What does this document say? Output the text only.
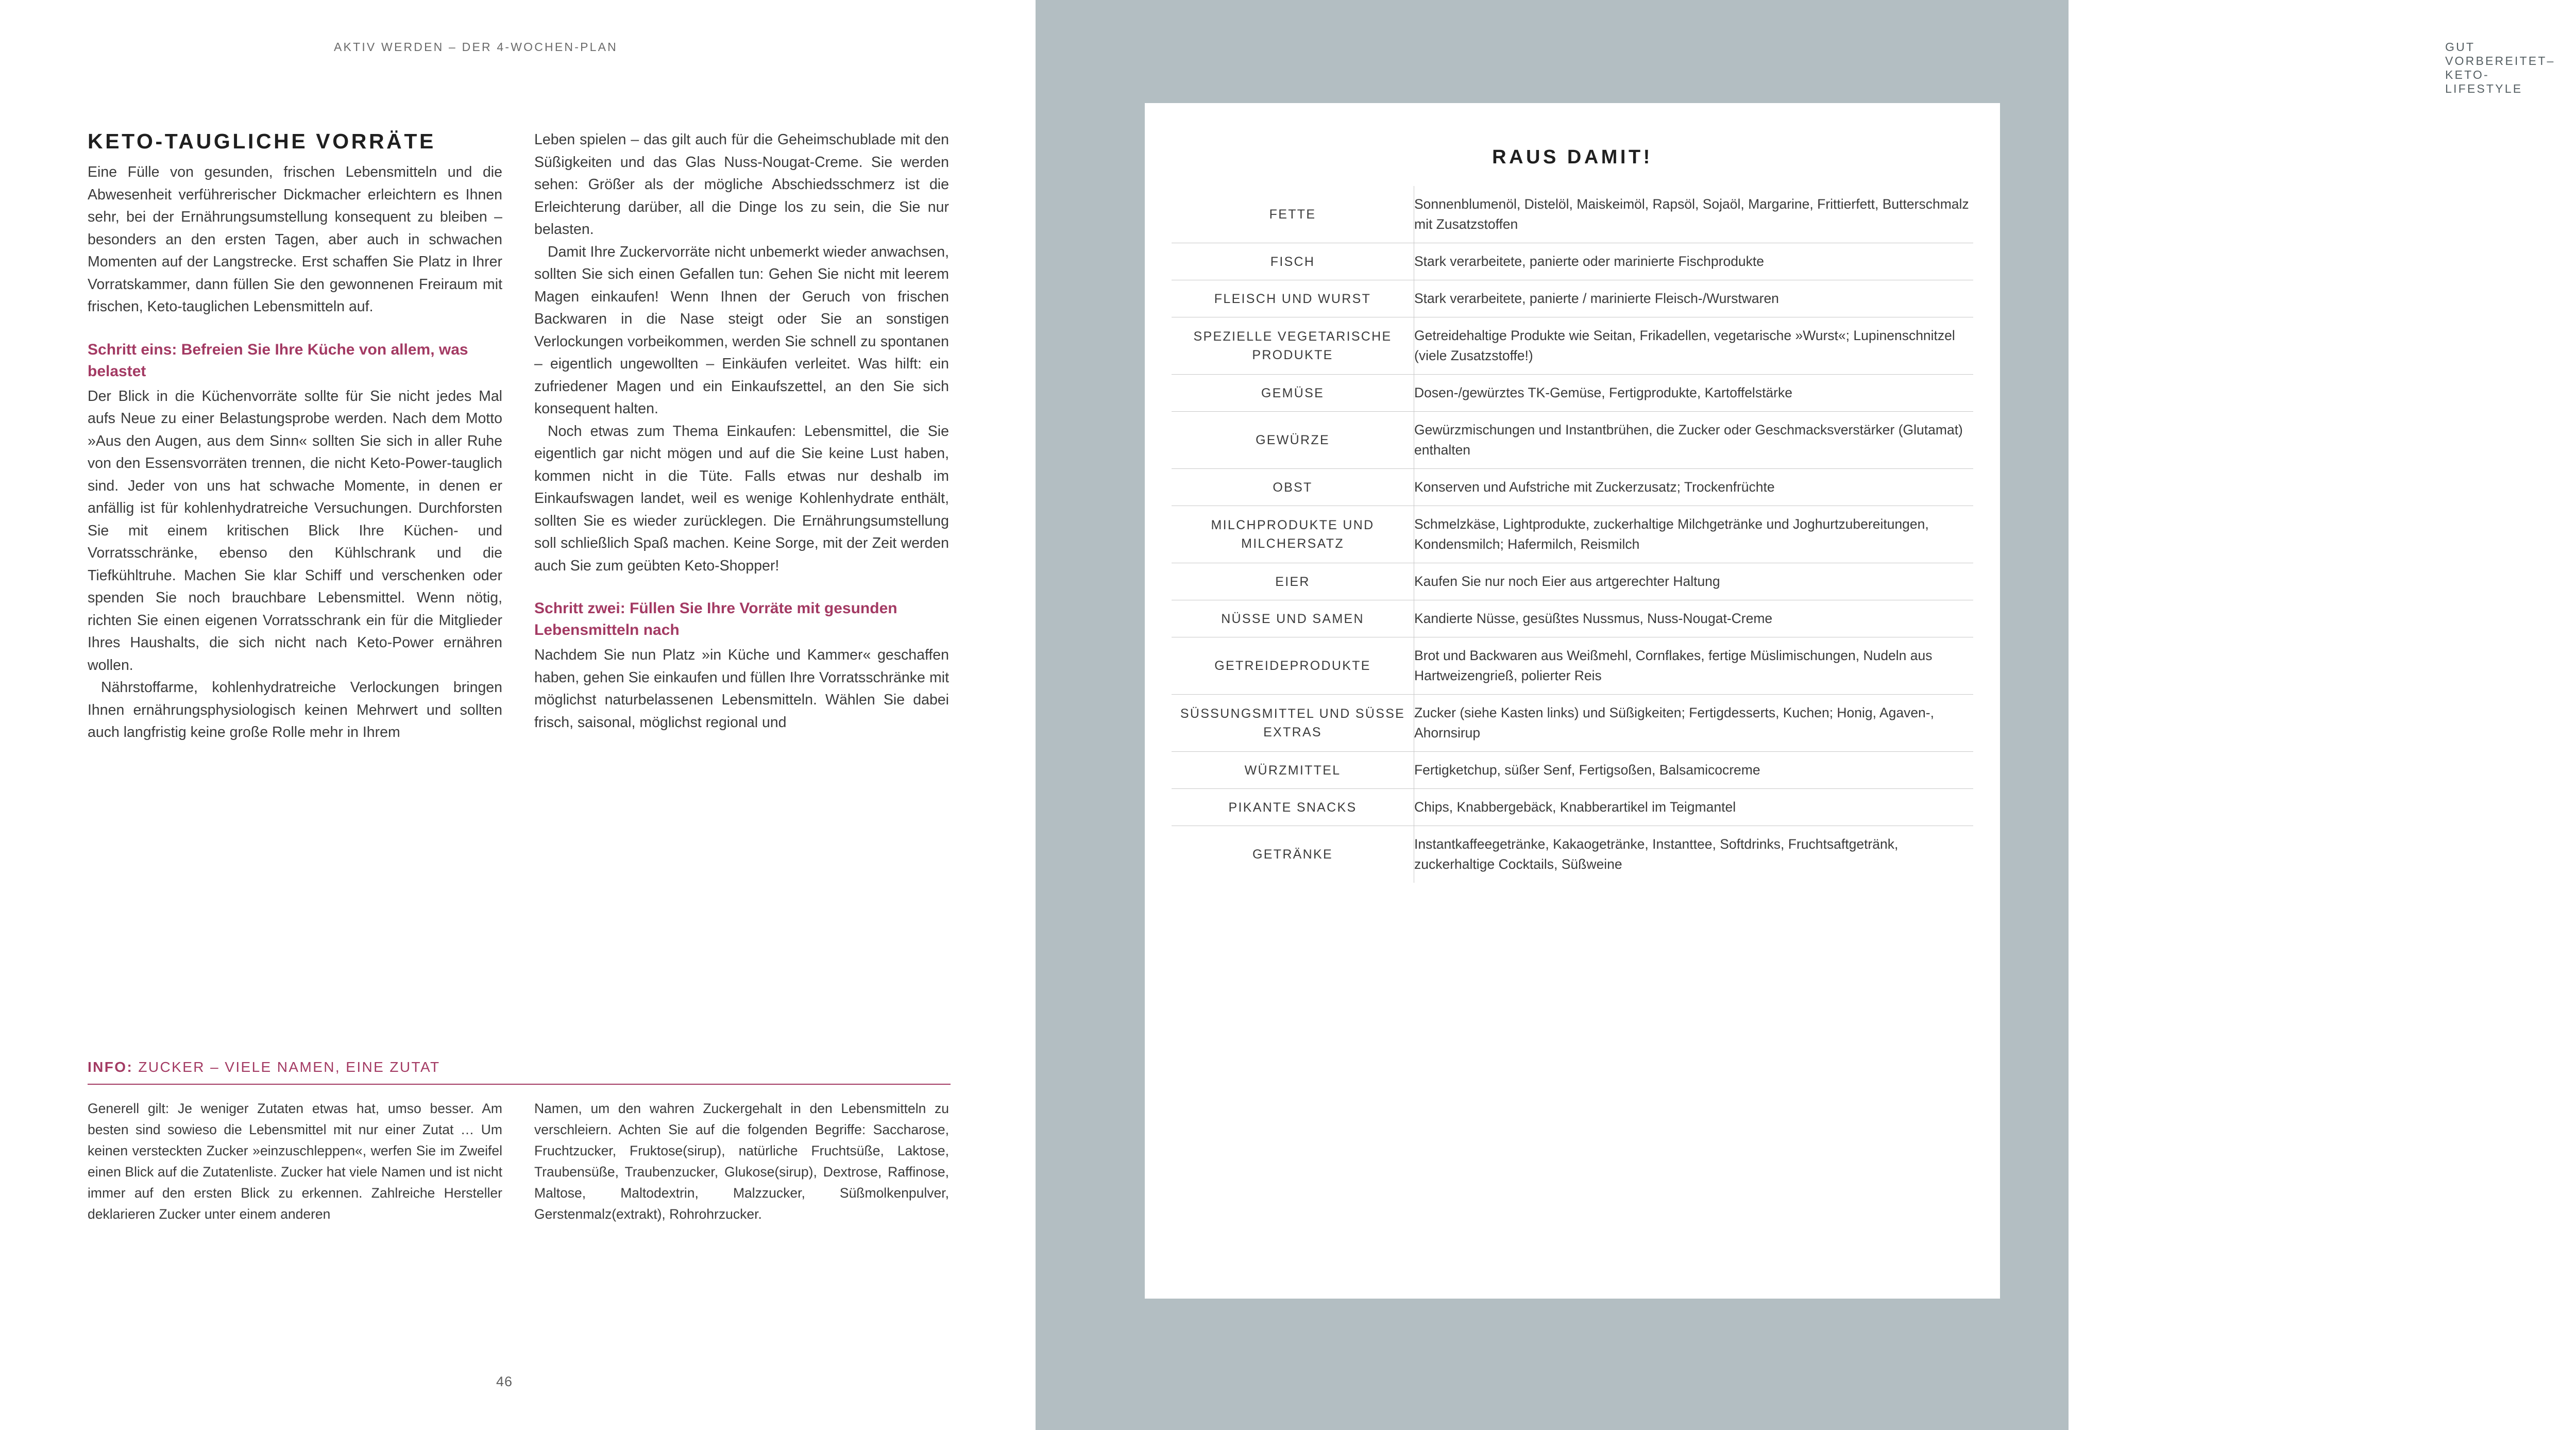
AKTIV WERDEN – DER 4-WOCHEN-PLAN
KETO-TAUGLICHE VORRÄTE

Eine Fülle von gesunden, frischen Lebensmitteln und die Abwesenheit verführerischer Dickmacher erleichtern es Ihnen sehr, bei der Ernährungsumstellung konsequent zu bleiben – besonders an den ersten Tagen, aber auch in schwachen Momenten auf der Langstrecke. Erst schaffen Sie Platz in Ihrer Vorratskammer, dann füllen Sie den gewonnenen Freiraum mit frischen, Keto-tauglichen Lebensmitteln auf.

Schritt eins: Befreien Sie Ihre Küche von allem, was belastet

Der Blick in die Küchenvorräte sollte für Sie nicht jedes Mal aufs Neue zu einer Belastungsprobe werden. Nach dem Motto »Aus den Augen, aus dem Sinn« sollten Sie sich in aller Ruhe von den Essensvorräten trennen, die nicht Keto-Power-tauglich sind. Jeder von uns hat schwache Momente, in denen er anfällig ist für kohlenhydratreiche Versuchungen. Durchforsten Sie mit einem kritischen Blick Ihre Küchen- und Vorratsschränke, ebenso den Kühlschrank und die Tiefkühltruhe. Machen Sie klar Schiff und verschenken oder spenden Sie noch brauchbare Lebensmittel. Wenn nötig, richten Sie einen eigenen Vorratsschrank ein für die Mitglieder Ihres Haushalts, die sich nicht nach Keto-Power ernähren wollen.

Nährstoffarme, kohlenhydratreiche Verlockungen bringen Ihnen ernährungsphysiologisch keinen Mehrwert und sollten auch langfristig keine große Rolle mehr in Ihrem

Leben spielen – das gilt auch für die Geheimschublade mit den Süßigkeiten und das Glas Nuss-Nougat-Creme. Sie werden sehen: Größer als der mögliche Abschiedsschmerz ist die Erleichterung darüber, all die Dinge los zu sein, die Sie nur belasten.

Damit Ihre Zuckervorräte nicht unbemerkt wieder anwachsen, sollten Sie sich einen Gefallen tun: Gehen Sie nicht mit leerem Magen einkaufen! Wenn Ihnen der Geruch von frischen Backwaren in die Nase steigt oder Sie an sonstigen Verlockungen vorbeikommen, werden Sie schnell zu spontanen – eigentlich ungewollten – Einkäufen verleitet. Was hilft: ein zufriedener Magen und ein Einkaufszettel, an den Sie sich konsequent halten.

Noch etwas zum Thema Einkaufen: Lebensmittel, die Sie eigentlich gar nicht mögen und auf die Sie keine Lust haben, kommen nicht in die Tüte. Falls etwas nur deshalb im Einkaufswagen landet, weil es wenige Kohlenhydrate enthält, sollten Sie es wieder zurücklegen. Die Ernährungsumstellung soll schließlich Spaß machen. Keine Sorge, mit der Zeit werden auch Sie zum geübten Keto-Shopper!

Schritt zwei: Füllen Sie Ihre Vorräte mit gesunden Lebensmitteln nach

Nachdem Sie nun Platz »in Küche und Kammer« geschaffen haben, gehen Sie einkaufen und füllen Ihre Vorratsschränke mit möglichst naturbelassenen Lebensmitteln. Wählen Sie dabei frisch, saisonal, möglichst regional und

INFO: ZUCKER – VIELE NAMEN, EINE ZUTAT

Generell gilt: Je weniger Zutaten etwas hat, umso besser. Am besten sind sowieso die Lebensmittel mit nur einer Zutat … Um keinen versteckten Zucker »einzuschleppen«, werfen Sie im Zweifel einen Blick auf die Zutatenliste. Zucker hat viele Namen und ist nicht immer auf den ersten Blick zu erkennen. Zahlreiche Hersteller deklarieren Zucker unter einem anderen

Namen, um den wahren Zuckergehalt in den Lebensmitteln zu verschleiern. Achten Sie auf die folgenden Begriffe: Saccharose, Fruchtzucker, Fruktose(sirup), natürliche Fruchtsüße, Laktose, Traubensüße, Traubenzucker, Glukose(sirup), Dextrose, Raffinose, Maltose, Maltodextrin, Malzzucker, Süßmolkenpulver, Gerstenmalz(extrakt), Rohrohrzucker.

46
GUT VORBEREITET– KETO-LIFESTYLE
RAUS DAMIT!
FETTE	Sonnenblumenöl, Distelöl, Maiskeimöl, Rapsöl, Sojaöl, Margarine, Frittierfett, Butterschmalz mit Zusatzstoffen
FISCH	Stark verarbeitete, panierte oder marinierte Fischprodukte
FLEISCH UND WURST	Stark verarbeitete, panierte / marinierte Fleisch-/Wurstwaren
SPEZIELLE VEGETARISCHE PRODUKTE	Getreidehaltige Produkte wie Seitan, Frikadellen, vegetarische »Wurst«; Lupinenschnitzel (viele Zusatzstoffe!)
GEMÜSE	Dosen-/gewürztes TK-Gemüse, Fertigprodukte, Kartoffelstärke
GEWÜRZE	Gewürzmischungen und Instantbrühen, die Zucker oder Geschmacksverstärker (Glutamat) enthalten
OBST	Konserven und Aufstriche mit Zuckerzusatz; Trockenfrüchte
MILCHPRODUKTE UND MILCHERSATZ	Schmelzkäse, Lightprodukte, zuckerhaltige Milchgetränke und Joghurtzubereitungen, Kondensmilch; Hafermilch, Reismilch
EIER	Kaufen Sie nur noch Eier aus artgerechter Haltung
NÜSSE UND SAMEN	Kandierte Nüsse, gesüßtes Nussmus, Nuss-Nougat-Creme
GETREIDEPRODUKTE	Brot und Backwaren aus Weißmehl, Cornflakes, fertige Müslimischungen, Nudeln aus Hartweizengrieß, polierter Reis
SÜSSUNGSMITTEL UND SÜSSE EXTRAS	Zucker (siehe Kasten links) und Süßigkeiten; Fertigdesserts, Kuchen; Honig, Agaven-, Ahornsirup
WÜRZMITTEL	Fertigketchup, süßer Senf, Fertigsoßen, Balsamicocreme
PIKANTE SNACKS	Chips, Knabbergebäck, Knabberartikel im Teigmantel
GETRÄNKE	Instantkaffeegetränke, Kakaogetränke, Instanttee, Softdrinks, Fruchtsaftgetränk, zuckerhaltige Cocktails, Süßweine
